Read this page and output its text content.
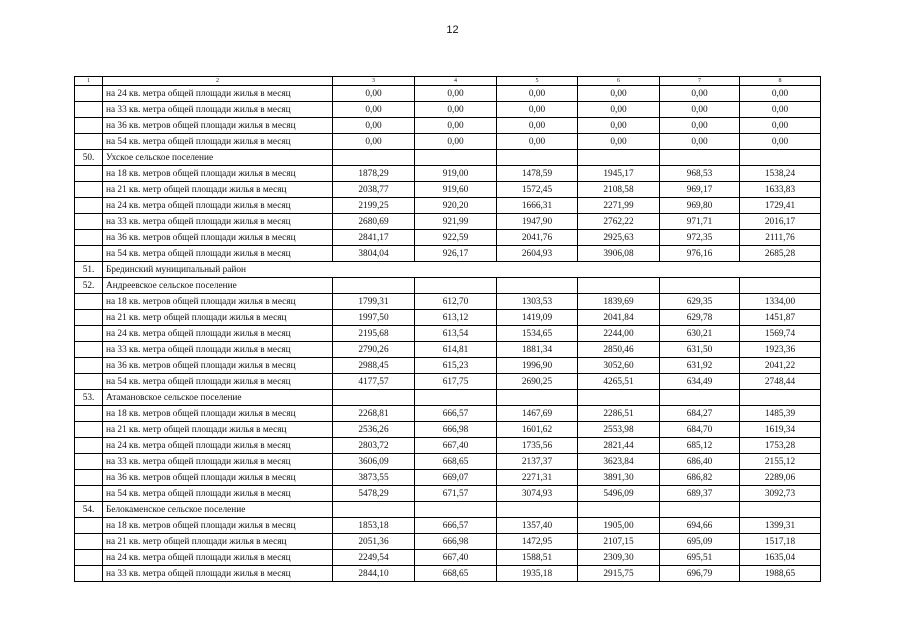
12
1	2	3	4	5	6	7	8
	на 24 кв. метра общей площади жилья в месяц	0,00	0,00	0,00	0,00	0,00	0,00
	на 33 кв. метра общей площади жилья в месяц	0,00	0,00	0,00	0,00	0,00	0,00
	на 36 кв. метров общей площади жилья в месяц	0,00	0,00	0,00	0,00	0,00	0,00
	на 54 кв. метра общей площади жилья в месяц	0,00	0,00	0,00	0,00	0,00	0,00
50.	Ухское сельское поселение						
	на 18 кв. метров общей площади жилья в месяц	1878,29	919,00	1478,59	1945,17	968,53	1538,24
	на 21 кв. метр общей площади жилья в месяц	2038,77	919,60	1572,45	2108,58	969,17	1633,83
	на 24 кв. метра общей площади жилья в месяц	2199,25	920,20	1666,31	2271,99	969,80	1729,41
	на 33 кв. метра общей площади жилья в месяц	2680,69	921,99	1947,90	2762,22	971,71	2016,17
	на 36 кв. метров общей площади жилья в месяц	2841,17	922,59	2041,76	2925,63	972,35	2111,76
	на 54 кв. метра общей площади жилья в месяц	3804,04	926,17	2604,93	3906,08	976,16	2685,28
51.	Брединский муниципальный район						
52.	Андреевское сельское поселение						
	на 18 кв. метров общей площади жилья в месяц	1799,31	612,70	1303,53	1839,69	629,35	1334,00
	на 21 кв. метр общей площади жилья в месяц	1997,50	613,12	1419,09	2041,84	629,78	1451,87
	на 24 кв. метра общей площади жилья в месяц	2195,68	613,54	1534,65	2244,00	630,21	1569,74
	на 33 кв. метра общей площади жилья в месяц	2790,26	614,81	1881,34	2850,46	631,50	1923,36
	на 36 кв. метров общей площади жилья в месяц	2988,45	615,23	1996,90	3052,60	631,92	2041,22
	на 54 кв. метра общей площади жилья в месяц	4177,57	617,75	2690,25	4265,51	634,49	2748,44
53.	Атамановское сельское поселение						
	на 18 кв. метров общей площади жилья в месяц	2268,81	666,57	1467,69	2286,51	684,27	1485,39
	на 21 кв. метр общей площади жилья в месяц	2536,26	666,98	1601,62	2553,98	684,70	1619,34
	на 24 кв. метра общей площади жилья в месяц	2803,72	667,40	1735,56	2821,44	685,12	1753,28
	на 33 кв. метра общей площади жилья в месяц	3606,09	668,65	2137,37	3623,84	686,40	2155,12
	на 36 кв. метров общей площади жилья в месяц	3873,55	669,07	2271,31	3891,30	686,82	2289,06
	на 54 кв. метра общей площади жилья в месяц	5478,29	671,57	3074,93	5496,09	689,37	3092,73
54.	Белокаменское сельское поселение						
	на 18 кв. метров общей площади жилья в месяц	1853,18	666,57	1357,40	1905,00	694,66	1399,31
	на 21 кв. метр общей площади жилья в месяц	2051,36	666,98	1472,95	2107,15	695,09	1517,18
	на 24 кв. метра общей площади жилья в месяц	2249,54	667,40	1588,51	2309,30	695,51	1635,04
	на 33 кв. метра общей площади жилья в месяц	2844,10	668,65	1935,18	2915,75	696,79	1988,65
